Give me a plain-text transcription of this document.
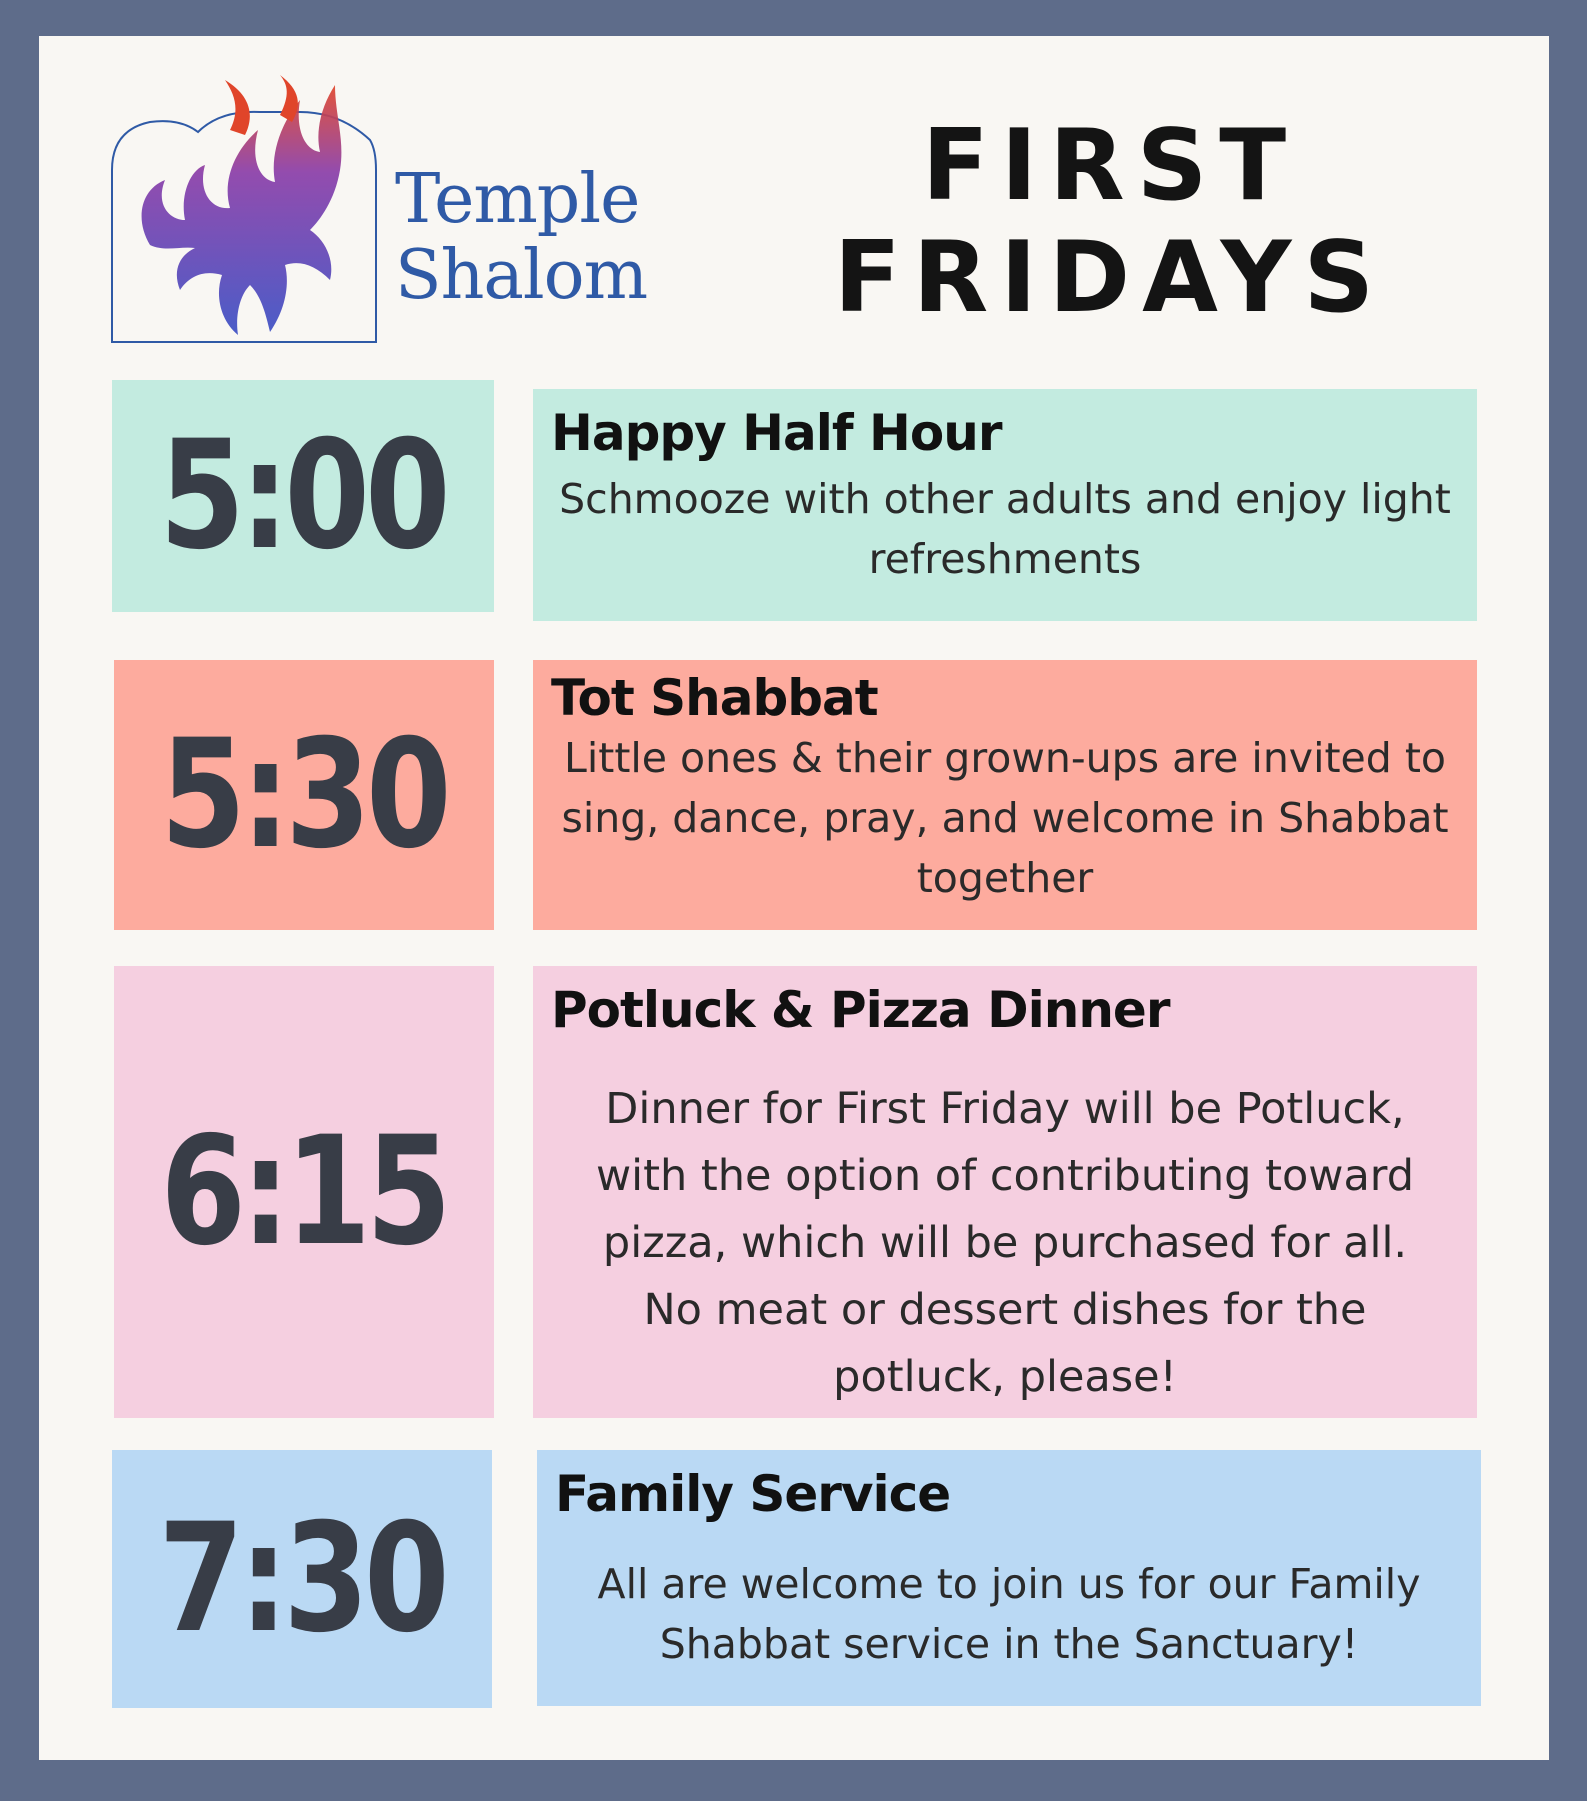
Temple
Shalom
FIRST
FRIDAYS
5:00 Happy Half Hour
Schmooze with other adults and enjoy light refreshments
5:30
Tot Shabbat
Little ones & their grown-ups are invited to sing, dance, pray, and welcome in Shabbat together
6:15
Potluck & Pizza Dinner
Dinner for First Friday will be Potluck, with the option of contributing toward pizza, which will be purchased for all. No meat or dessert dishes for the potluck, please!
7:30 Family Service
All are welcome to join us for our Family Shabbat service in the Sanctuary!
